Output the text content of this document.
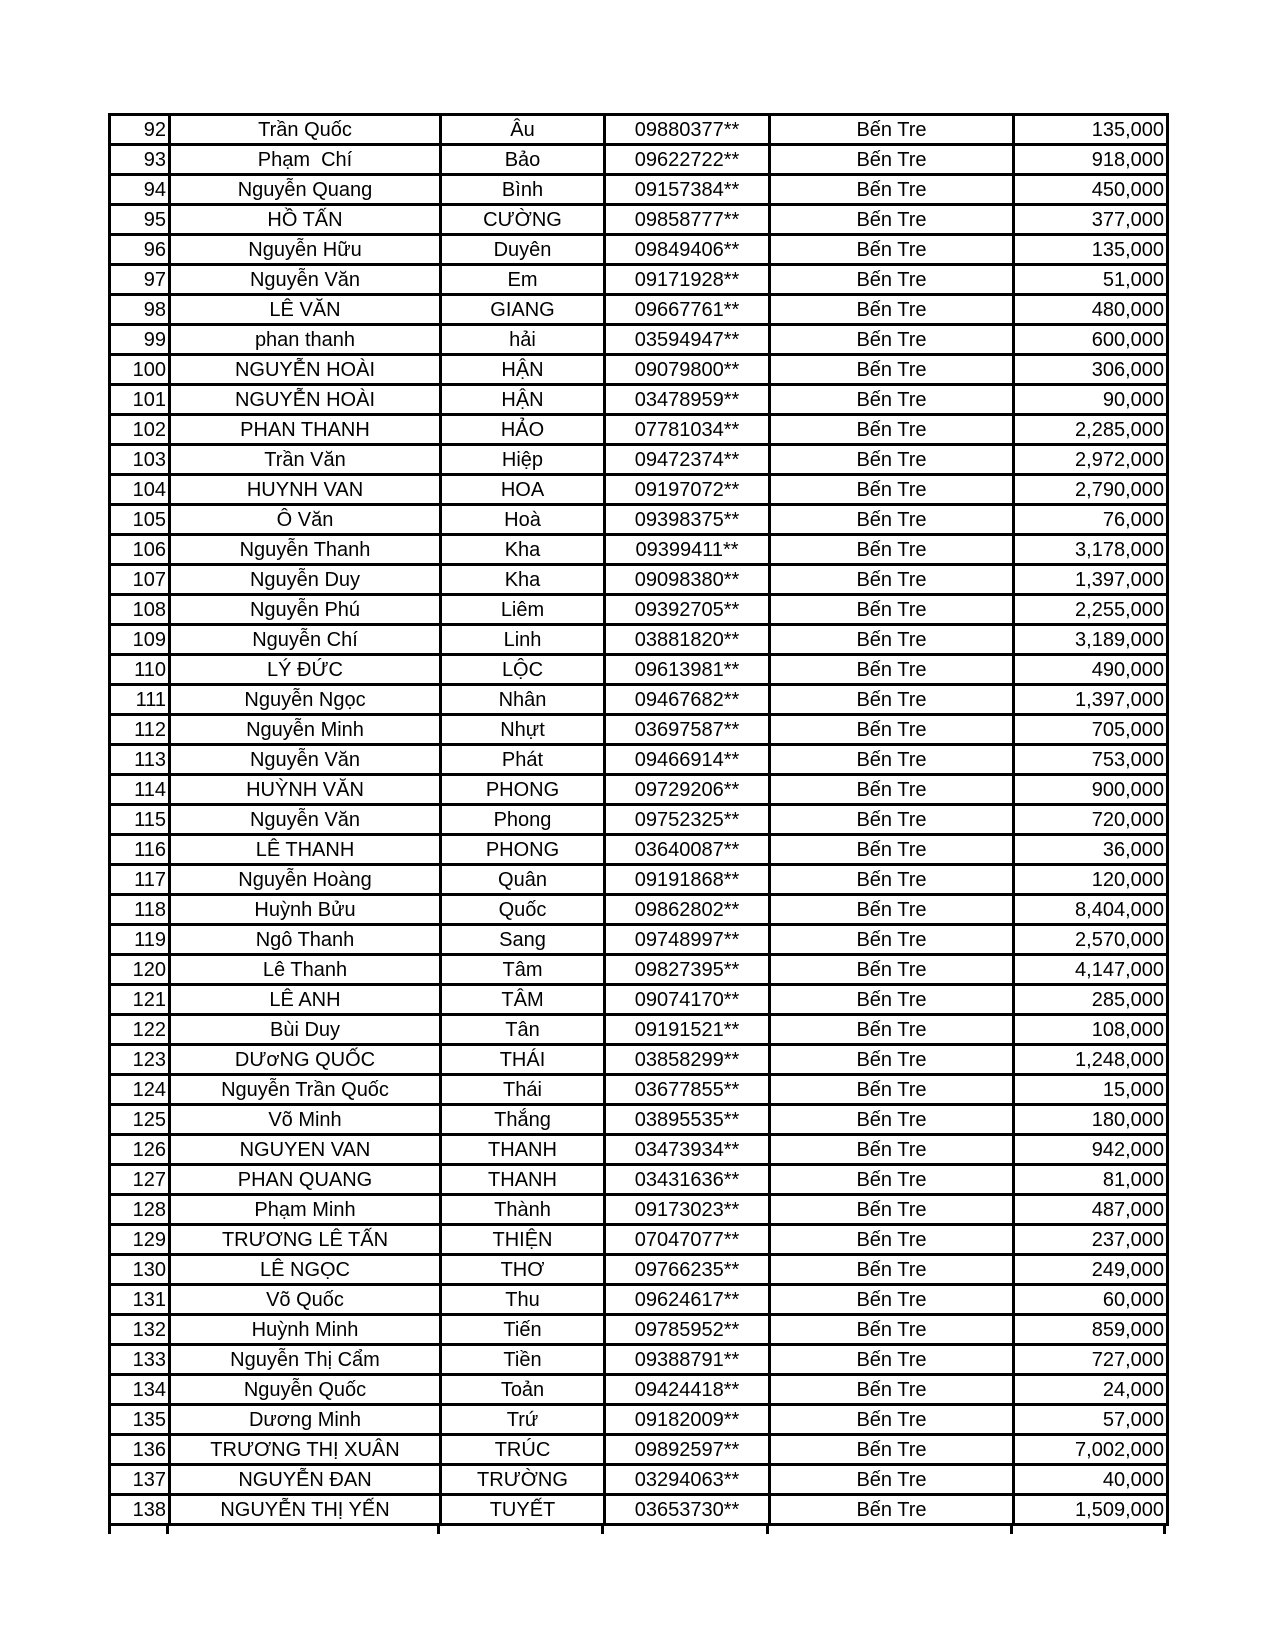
92	Trần Quốc	Âu	09880377**	Bến Tre	135,000
93	Phạm  Chí	Bảo	09622722**	Bến Tre	918,000
94	Nguyễn Quang	Bình	09157384**	Bến Tre	450,000
95	HỒ TẤN	CƯỜNG	09858777**	Bến Tre	377,000
96	Nguyễn Hữu	Duyên	09849406**	Bến Tre	135,000
97	Nguyễn Văn	Em	09171928**	Bến Tre	51,000
98	LÊ VĂN	GIANG	09667761**	Bến Tre	480,000
99	phan thanh	hải	03594947**	Bến Tre	600,000
100	NGUYỄN HOÀI	HẬN	09079800**	Bến Tre	306,000
101	NGUYỄN HOÀI	HẬN	03478959**	Bến Tre	90,000
102	PHAN THANH	HẢO	07781034**	Bến Tre	2,285,000
103	Trần Văn	Hiệp	09472374**	Bến Tre	2,972,000
104	HUYNH VAN	HOA	09197072**	Bến Tre	2,790,000
105	Ô Văn	Hoà	09398375**	Bến Tre	76,000
106	Nguyễn Thanh	Kha	09399411**	Bến Tre	3,178,000
107	Nguyễn Duy	Kha	09098380**	Bến Tre	1,397,000
108	Nguyễn Phú	Liêm	09392705**	Bến Tre	2,255,000
109	Nguyễn Chí	Linh	03881820**	Bến Tre	3,189,000
110	LÝ ĐỨC	LỘC	09613981**	Bến Tre	490,000
111	Nguyễn Ngọc	Nhân	09467682**	Bến Tre	1,397,000
112	Nguyễn Minh	Nhựt	03697587**	Bến Tre	705,000
113	Nguyễn Văn	Phát	09466914**	Bến Tre	753,000
114	HUỲNH VĂN	PHONG	09729206**	Bến Tre	900,000
115	Nguyễn Văn	Phong	09752325**	Bến Tre	720,000
116	LÊ THANH	PHONG	03640087**	Bến Tre	36,000
117	Nguyễn Hoàng	Quân	09191868**	Bến Tre	120,000
118	Huỳnh Bửu	Quốc	09862802**	Bến Tre	8,404,000
119	Ngô Thanh	Sang	09748997**	Bến Tre	2,570,000
120	Lê Thanh	Tâm	09827395**	Bến Tre	4,147,000
121	LÊ ANH	TÂM	09074170**	Bến Tre	285,000
122	Bùi Duy	Tân	09191521**	Bến Tre	108,000
123	DƯơNG QUỐC	THÁI	03858299**	Bến Tre	1,248,000
124	Nguyễn Trần Quốc	Thái	03677855**	Bến Tre	15,000
125	Võ Minh	Thắng	03895535**	Bến Tre	180,000
126	NGUYEN VAN	THANH	03473934**	Bến Tre	942,000
127	PHAN QUANG	THANH	03431636**	Bến Tre	81,000
128	Phạm Minh	Thành	09173023**	Bến Tre	487,000
129	TRƯƠNG LÊ TẤN	THIỆN	07047077**	Bến Tre	237,000
130	LÊ NGỌC	THƠ	09766235**	Bến Tre	249,000
131	Võ Quốc	Thu	09624617**	Bến Tre	60,000
132	Huỳnh Minh	Tiến	09785952**	Bến Tre	859,000
133	Nguyễn Thị Cẩm	Tiền	09388791**	Bến Tre	727,000
134	Nguyễn Quốc	Toản	09424418**	Bến Tre	24,000
135	Dương Minh	Trứ	09182009**	Bến Tre	57,000
136	TRƯƠNG THỊ XUÂN	TRÚC	09892597**	Bến Tre	7,002,000
137	NGUYỄN ĐAN	TRƯỜNG	03294063**	Bến Tre	40,000
138	NGUYỄN THỊ YẾN	TUYẾT	03653730**	Bến Tre	1,509,000
